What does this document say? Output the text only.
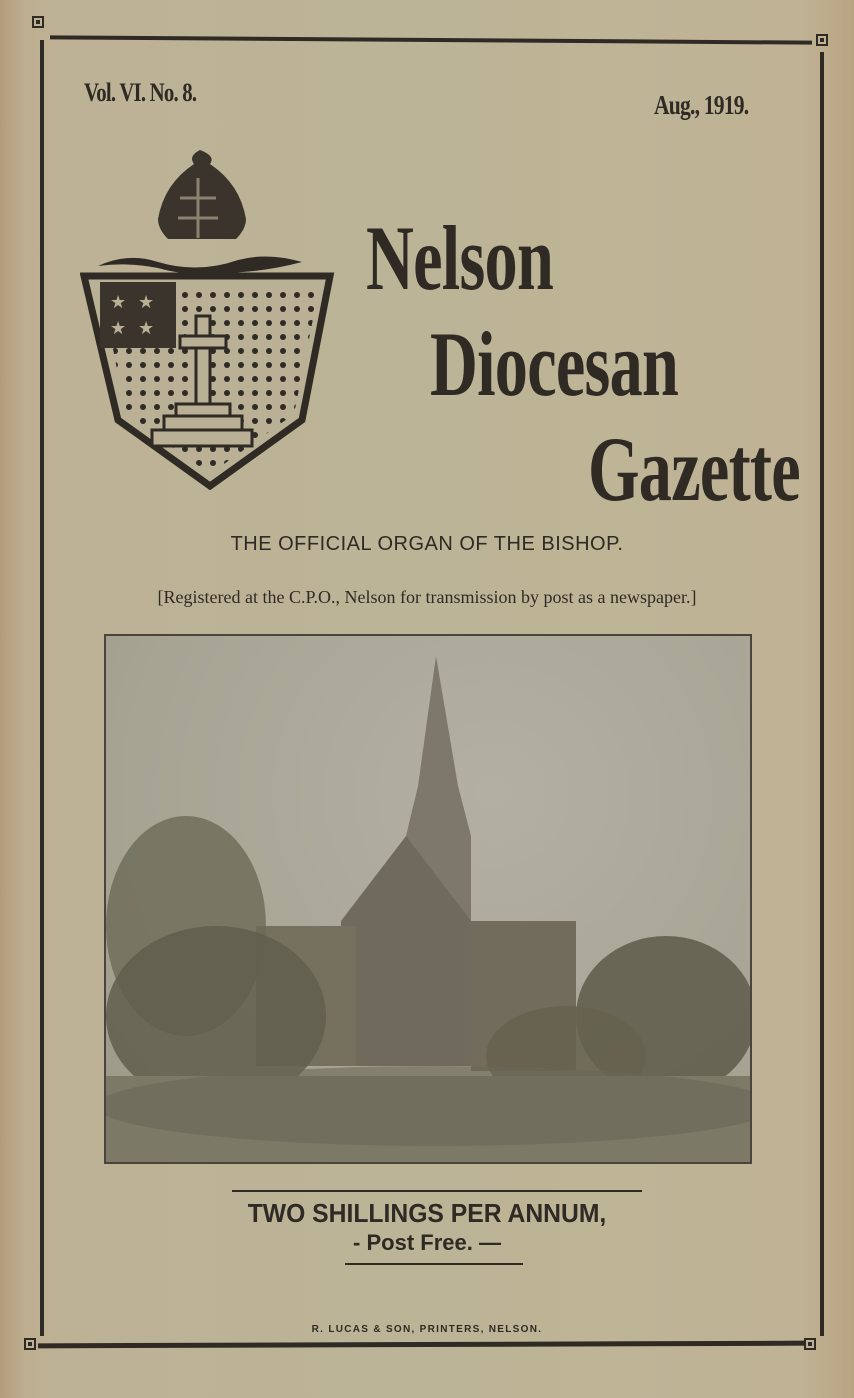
Vol. VI. No. 8.	Aug., 1919.
★ ★
★ ★
Nelson
Diocesan
Gazette
THE OFFICIAL ORGAN OF THE BISHOP.
[Registered at the C.P.O., Nelson for transmission by post as a newspaper.]
TWO SHILLINGS PER ANNUM,
- Post Free. —
R. LUCAS & SON, PRINTERS, NELSON.
